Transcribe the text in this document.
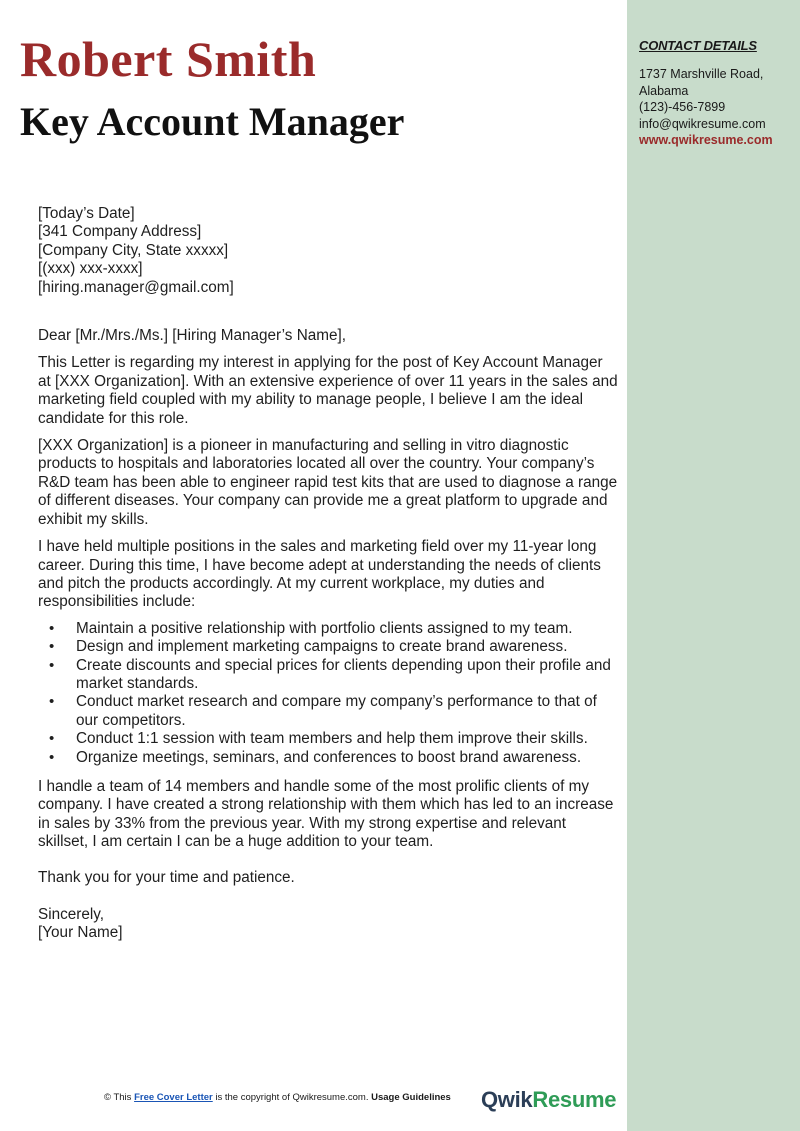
Robert Smith
Key Account Manager
CONTACT DETAILS
1737 Marshville Road,
Alabama
(123)-456-7899
info@qwikresume.com
www.qwikresume.com

[Today’s Date]

[341 Company Address]
[Company City, State xxxxx]
[(xxx) xxx-xxxx]
[hiring.manager@gmail.com]

Dear [Mr./Mrs./Ms.] [Hiring Manager’s Name],

This Letter is regarding my interest in applying for the post of Key Account Manager at [XXX Organization]. With an extensive experience of over 11 years in the sales and marketing field coupled with my ability to manage people, I believe I am the ideal candidate for this role.

[XXX Organization] is a pioneer in manufacturing and selling in vitro diagnostic products to hospitals and laboratories located all over the country. Your company’s R&D team has been able to engineer rapid test kits that are used to diagnose a range of different diseases. Your company can provide me a great platform to upgrade and exhibit my skills.

I have held multiple positions in the sales and marketing field over my 11-year long career. During this time, I have become adept at understanding the needs of clients and pitch the products accordingly. At my current workplace, my duties and responsibilities include:

• Maintain a positive relationship with portfolio clients assigned to my team.
• Design and implement marketing campaigns to create brand awareness.
• Create discounts and special prices for clients depending upon their profile and market standards.
• Conduct market research and compare my company’s performance to that of our competitors.
• Conduct 1:1 session with team members and help them improve their skills.
• Organize meetings, seminars, and conferences to boost brand awareness.

I handle a team of 14 members and handle some of the most prolific clients of my company. I have created a strong relationship with them which has led to an increase in sales by 33% from the previous year. With my strong expertise and relevant skillset, I am certain I can be a huge addition to your team.

Thank you for your time and patience.

Sincerely,

[Your Name]

© This Free Cover Letter is the copyright of Qwikresume.com. Usage Guidelines QwikResume
